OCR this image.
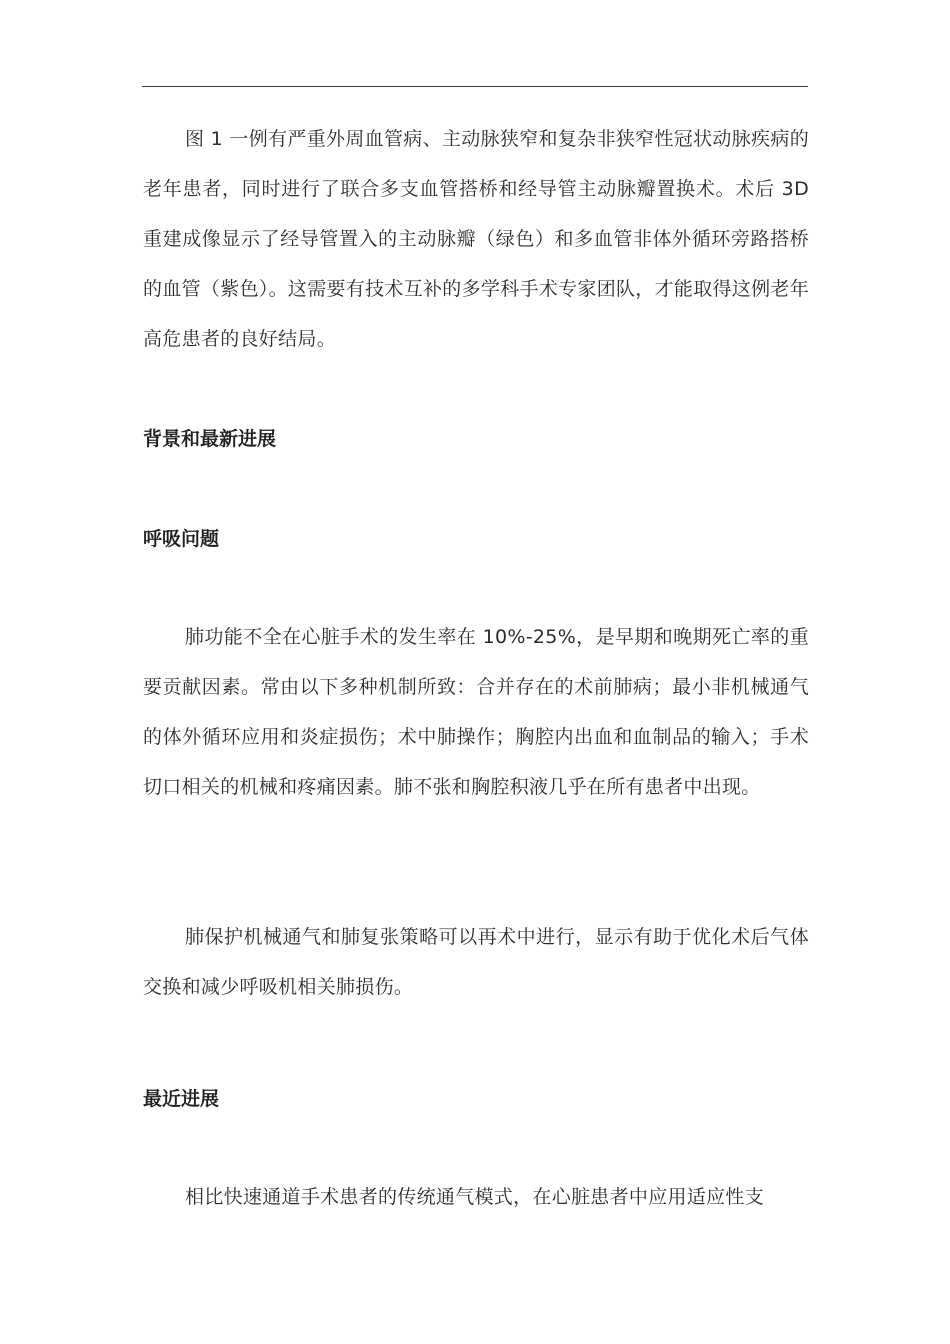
图 1 一例有严重外周血管病、主动脉狭窄和复杂非狭窄性冠状动脉疾病的老年患者，同时进行了联合多支血管搭桥和经导管主动脉瓣置换术。术后 3D 重建成像显示了经导管置入的主动脉瓣（绿色）和多血管非体外循环旁路搭桥的血管（紫色）。这需要有技术互补的多学科手术专家团队，才能取得这例老年高危患者的良好结局。

背景和最新进展
呼吸问题

肺功能不全在心脏手术的发生率在 10%-25%，是早期和晚期死亡率的重要贡献因素。常由以下多种机制所致：合并存在的术前肺病；最小非机械通气的体外循环应用和炎症损伤；术中肺操作；胸腔内出血和血制品的输入；手术切口相关的机械和疼痛因素。肺不张和胸腔积液几乎在所有患者中出现。

肺保护机械通气和肺复张策略可以再术中进行，显示有助于优化术后气体交换和减少呼吸机相关肺损伤。

最近进展

相比快速通道手术患者的传统通气模式，在心脏患者中应用适应性支
